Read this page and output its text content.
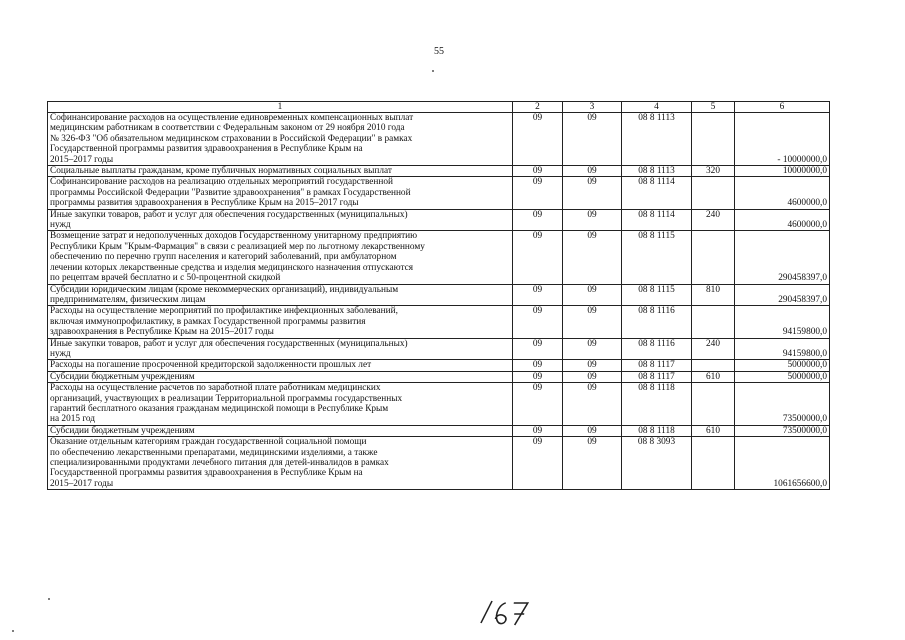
55
1	2	3	4	5	6
Софинансирование расходов на осуществление единовременных компенсационных выплат
медицинским работникам в соответствии с Федеральным законом от 29 ноября 2010 года
№ 326-ФЗ "Об обязательном медицинском страховании в Российской Федерации" в рамках
Государственной программы развития здравоохранения в Республике Крым на
2015–2017 годы	09	09	08 8 1113		- 10000000,0
Социальные выплаты гражданам, кроме публичных нормативных социальных выплат	09	09	08 8 1113	320	10000000,0
Софинансирование расходов на реализацию отдельных мероприятий государственной
программы Российской Федерации "Развитие здравоохранения" в рамках Государственной
программы развития здравоохранения в Республике Крым на 2015–2017 годы	09	09	08 8 1114		4600000,0
Иные закупки товаров, работ и услуг для обеспечения государственных (муниципальных)
нужд	09	09	08 8 1114	240	4600000,0
Возмещение затрат и недополученных доходов Государственному унитарному предприятию
Республики Крым "Крым-Фармация" в связи с реализацией мер по льготному лекарственному
обеспечению по перечню групп населения и категорий заболеваний, при амбулаторном
лечении которых лекарственные средства и изделия медицинского назначения отпускаются
по рецептам врачей бесплатно и с 50-процентной скидкой	09	09	08 8 1115		290458397,0
Субсидии юридическим лицам (кроме некоммерческих организаций), индивидуальным
предпринимателям, физическим лицам	09	09	08 8 1115	810	290458397,0
Расходы на осуществление мероприятий по профилактике инфекционных заболеваний,
включая иммунопрофилактику, в рамках Государственной программы развития
здравоохранения в Республике Крым на 2015–2017 годы	09	09	08 8 1116		94159800,0
Иные закупки товаров, работ и услуг для обеспечения государственных (муниципальных)
нужд	09	09	08 8 1116	240	94159800,0
Расходы на погашение просроченной кредиторской задолженности прошлых лет	09	09	08 8 1117		5000000,0
Субсидии бюджетным учреждениям	09	09	08 8 1117	610	5000000,0
Расходы на осуществление расчетов по заработной плате работникам медицинских
организаций, участвующих в реализации Территориальной программы государственных
гарантий бесплатного оказания гражданам медицинской помощи в Республике Крым
на 2015 год	09	09	08 8 1118		73500000,0
Субсидии бюджетным учреждениям	09	09	08 8 1118	610	73500000,0
Оказание отдельным категориям граждан государственной социальной помощи
по обеспечению лекарственными препаратами, медицинскими изделиями, а также
специализированными продуктами лечебного питания для детей-инвалидов в рамках
Государственной программы развития здравоохранения в Республике Крым на
2015–2017 годы	09	09	08 8 3093		1061656600,0
